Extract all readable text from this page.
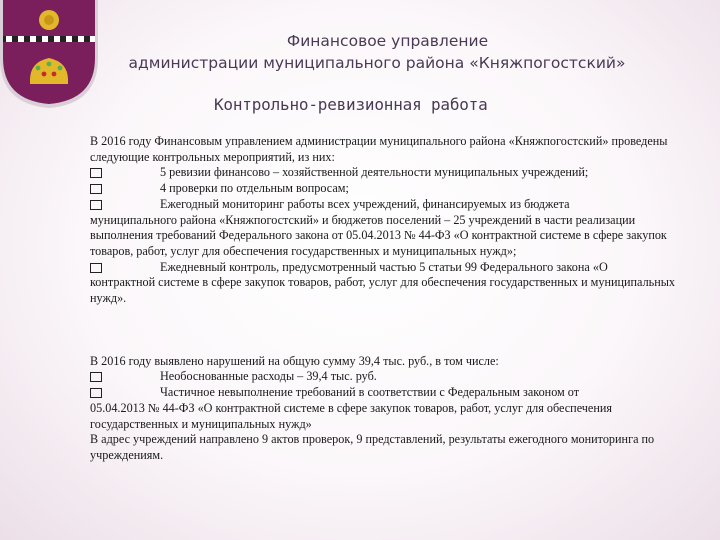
Финансовое управление
администрации муниципального района «Княжпогостский»
Контрольно-ревизионная работа

В 2016 году Финансовым управлением администрации муниципального района «Княжпогостский» проведены следующие контрольных мероприятий, из них:

5 ревизии финансово – хозяйственной деятельности муниципальных учреждений;
4 проверки по отдельным вопросам;
Ежегодный мониторинг работы всех учреждений, финансируемых из бюджета

муниципального района «Княжпогостский» и бюджетов поселений – 25 учреждений в части реализации выполнения требований Федерального закона от 05.04.2013 № 44-ФЗ «О контрактной системе в сфере закупок товаров, работ, услуг для обеспечения государственных и муниципальных нужд»;

Ежедневный контроль, предусмотренный частью 5 статьи 99 Федерального закона «О

контрактной системе в сфере закупок товаров, работ, услуг для обеспечения государственных и муниципальных нужд».

В 2016 году выявлено нарушений на общую сумму 39,4 тыс. руб., в том числе:

Необоснованные расходы – 39,4 тыс. руб.
Частичное невыполнение требований в соответствии с Федеральным законом от

05.04.2013 № 44-ФЗ «О контрактной системе в сфере закупок товаров, работ, услуг для обеспечения государственных и муниципальных нужд»

В адрес учреждений направлено 9 актов проверок, 9 представлений, результаты ежегодного мониторинга по учреждениям.
